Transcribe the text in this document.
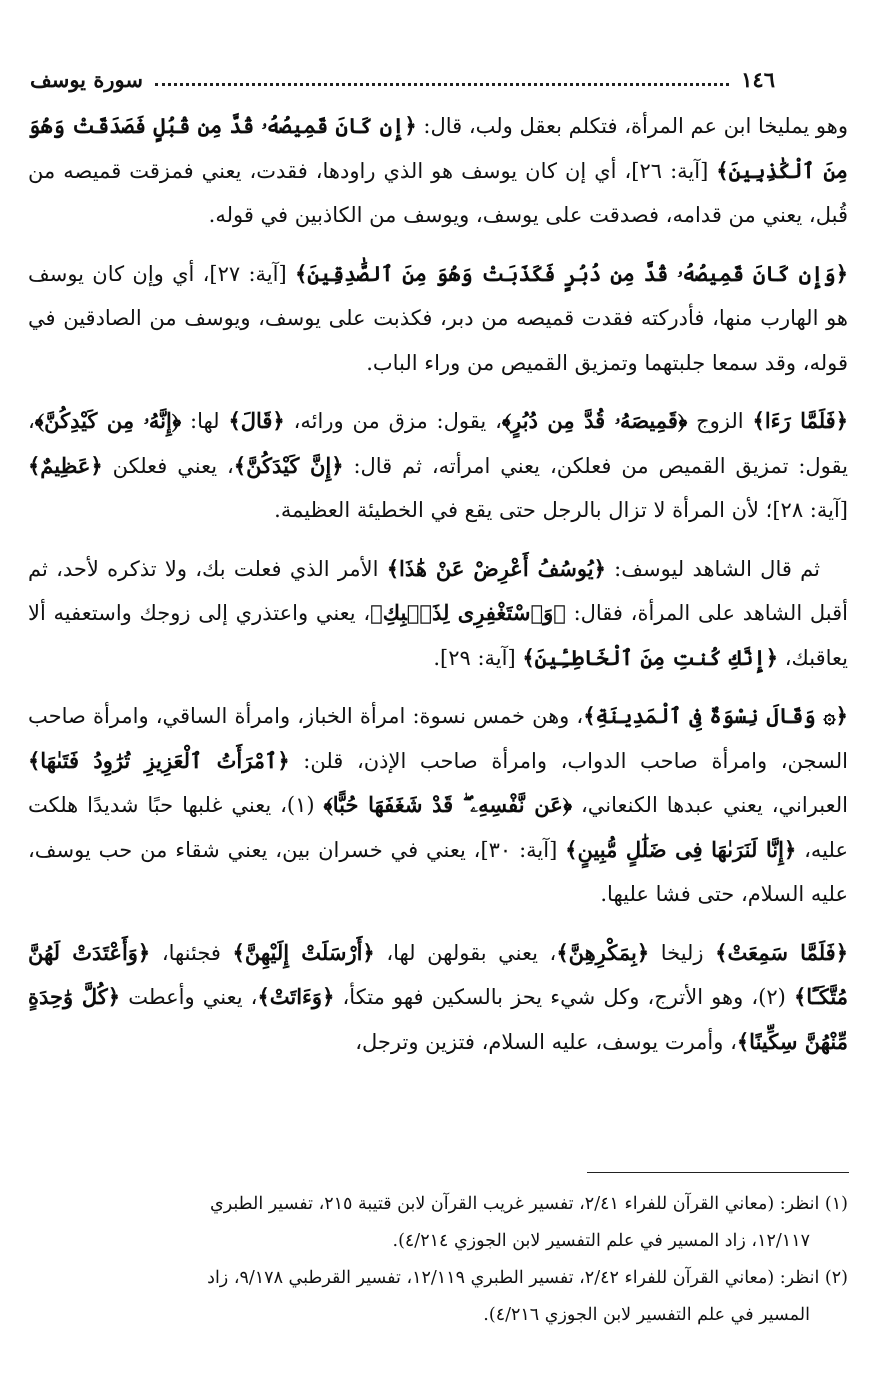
١٤٦
سورة يوسف

وهو يمليخا ابن عم المرأة، فتكلم بعقل ولب، قال: ﴿إِن كَانَ قَمِيصُهُۥ قُدَّ مِن قُبُلٍ فَصَدَقَتْ وَهُوَ مِنَ ٱلْكَٰذِبِينَ﴾ [آية: ٢٦]، أي إن كان يوسف هو الذي راودها، فقدت، يعني فمزقت قميصه من قُبل، يعني من قدامه، فصدقت على يوسف، ويوسف من الكاذبين في قوله.

﴿وَإِن كَانَ قَمِيصُهُۥ قُدَّ مِن دُبُرٍ فَكَذَبَتْ وَهُوَ مِنَ ٱلصَّٰدِقِينَ﴾ [آية: ٢٧]، أي وإن كان يوسف هو الهارب منها، فأدركته فقدت قميصه من دبر، فكذبت على يوسف، ويوسف من الصادقين في قوله، وقد سمعا جلبتهما وتمزيق القميص من وراء الباب.

﴿فَلَمَّا رَءَا﴾ الزوج ﴿قَمِيصَهُۥ قُدَّ مِن دُبُرٍ﴾، يقول: مزق من ورائه، ﴿قَالَ﴾ لها: ﴿إِنَّهُۥ مِن كَيْدِكُنَّ﴾، يقول: تمزيق القميص من فعلكن، يعني امرأته، ثم قال: ﴿إِنَّ كَيْدَكُنَّ﴾، يعني فعلكن ﴿عَظِيمٌ﴾ [آية: ٢٨]؛ لأن المرأة لا تزال بالرجل حتى يقع في الخطيئة العظيمة.

ثم قال الشاهد ليوسف: ﴿يُوسُفُ أَعْرِضْ عَنْ هَٰذَا﴾ الأمر الذي فعلت بك، ولا تذكره لأحد، ثم أقبل الشاهد على المرأة، فقال: ﴿وَٱسْتَغْفِرِى لِذَنۢبِكِ﴾، يعني واعتذري إلى زوجك واستعفيه ألا يعاقبك، ﴿إِنَّكِ كُنتِ مِنَ ٱلْخَاطِـِٔينَ﴾ [آية: ٢٩].

﴿۞ وَقَالَ نِسْوَةٌ فِى ٱلْمَدِينَةِ﴾، وهن خمس نسوة: امرأة الخباز، وامرأة الساقي، وامرأة صاحب السجن، وامرأة صاحب الدواب، وامرأة صاحب الإذن، قلن: ﴿ٱمْرَأَتُ ٱلْعَزِيزِ تُرَٰوِدُ فَتَىٰهَا﴾ العبراني، يعني عبدها الكنعاني، ﴿عَن نَّفْسِهِۦ ۖ قَدْ شَغَفَهَا حُبًّا﴾ (١)، يعني غلبها حبًا شديدًا هلكت عليه، ﴿إِنَّا لَنَرَىٰهَا فِى ضَلَٰلٍ مُّبِينٍ﴾ [آية: ٣٠]، يعني في خسران بين، يعني شقاء من حب يوسف، عليه السلام، حتى فشا عليها.

﴿فَلَمَّا سَمِعَتْ﴾ زليخا ﴿بِمَكْرِهِنَّ﴾، يعني بقولهن لها، ﴿أَرْسَلَتْ إِلَيْهِنَّ﴾ فجئنها، ﴿وَأَعْتَدَتْ لَهُنَّ مُتَّكَـًٔا﴾ (٢)، وهو الأترج، وكل شيء يحز بالسكين فهو متكأ، ﴿وَءَاتَتْ﴾، يعني وأعطت ﴿كُلَّ وَٰحِدَةٍ مِّنْهُنَّ سِكِّينًا﴾، وأمرت يوسف، عليه السلام، فتزين وترجل،

(١) انظر: (معاني القرآن للفراء ٢/٤١، تفسير غريب القرآن لابن قتيبة ٢١٥، تفسير الطبري

١٢/١١٧، زاد المسير في علم التفسير لابن الجوزي ٤/٢١٤).

(٢) انظر: (معاني القرآن للفراء ٢/٤٢، تفسير الطبري ١٢/١١٩، تفسير القرطبي ٩/١٧٨، زاد

المسير في علم التفسير لابن الجوزي ٤/٢١٦).
